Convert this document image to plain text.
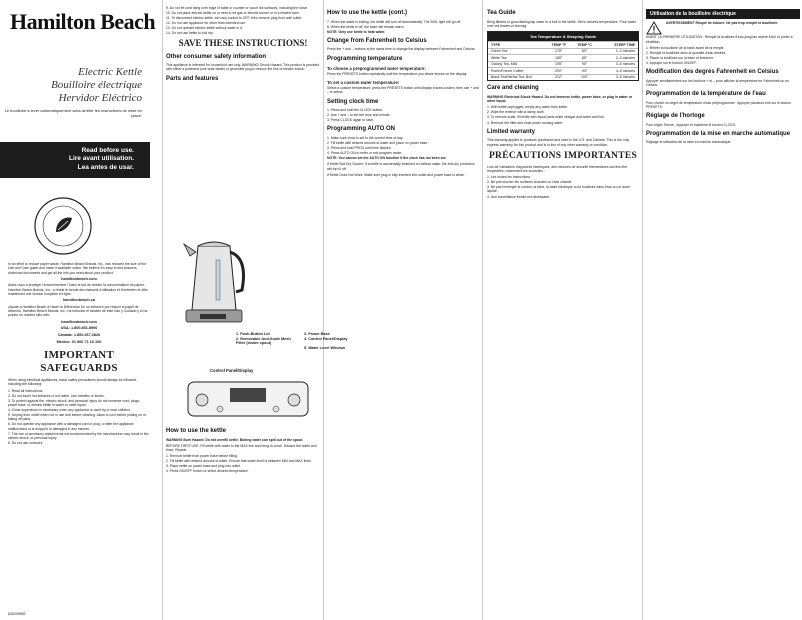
Hamilton Beach
Electric Kettle
Bouilloire électrique
Hervidor Eléctrico
Le bouilloire a lever automatiquement sans arrêter les instructions de mise en place.
Read before use.
Lire avant utilisation.
Lea antes de usar.
In an effort to reduce paper waste, Hamilton Beach Brands, Inc., has reduced the size of the Use and Care guide and made it available online. We believe it's easy to find answers, download documents and get all the info you need about your product.
hamiltonbeach.com
Aidez-nous à protéger l'environnement ! Dans le but de réduire la consommation de papier, Hamilton Beach Brands, Inc., a réduit le format des manuels d'utilisation et d'entretien et offre maintenant une version complète en ligne.
hamiltonbeach.ca
¡Ayude a Hamilton Beach a Hacer la Diferencia! En un esfuerzo por reducir el papel de desecho, Hamilton Beach Brands, Inc., ha reducido el tamaño de este Uso y Cuidado y lo ha puesto en nuestro sitio web.
hamiltonbeach.com
USA: 1.800.851.8900
Canada: 1.800.267.2826
México: 01 800 71 16 100
IMPORTANT SAFEGUARDS
When using electrical appliances, basic safety precautions should always be followed, including the following:
1. Read all instructions.
2. Do not touch hot surfaces or hot water. Use handles or knobs.
3. To protect against fire, electric shock, and personal injury do not immerse cord, plugs, power base, or electric kettle in water or other liquid.
4. Close supervision is necessary when any appliance is used by or near children.
5. Unplug from outlet when not in use and before cleaning. Allow to cool before putting on or taking off parts.
6. Do not operate any appliance with a damaged cord or plug, or after the appliance malfunctions or is dropped or damaged in any manner.
7. The use of accessory attachments not recommended by the manufacturer may result in fire, electric shock, or personal injury.
8. Do not use outdoors.
840209900
9. Do not let cord hang over edge of table or counter or touch hot surfaces, including the stove.
10. Do not place electric kettle on or near a hot gas or electric burner or in a heated oven.
11. To disconnect electric kettle, turn any control to OFF, then remove plug from wall outlet.
12. Do not use appliance for other than intended use.
13. Do not operate electric kettle without water in it.
14. Do not use kettle to boil dry.
SAVE THESE INSTRUCTIONS!
Other consumer safety information
This appliance is intended for household use only. WARNING! Shock Hazard: This product is provided with either a polarized (one wide blade) or grounded plug to reduce the risk of electric shock.
Parts and features
1. Push-Button Lid	3. Power Base
2. Removable Anti-Scale Mesh Filter (inside spout)
4. Control Panel/Display
5. Water Level Window
Control Panel/Display
How to use the kettle
WARNING Burn Hazard. Do not overfill kettle. Boiling water can spill out of the spout.
BEFORE FIRST USE: Fill kettle with water to the MAX line and bring to a boil. Discard the water and rinse. Repeat.
1. Remove kettle from power base before filling.
2. Fill kettle with desired amount of water. Ensure that water level is between MIN and MAX lines.
3. Place kettle on power base and plug into outlet.
4. Press ON/OFF button or select desired temperature.
How to use the kettle (cont.)
7. When the water is boiling, the kettle will turn off automatically. The BOIL light will go off.
8. When the kettle is off, the base will remain warm.
NOTE: Only use kettle to heat water.
Change from Fahrenheit to Celsius
Press the + and – buttons at the same time to change the display between Fahrenheit and Celsius.
Programming temperature
To choose a preprogrammed water temperature:
Press the PRESETS button repeatedly until the temperature you desire shows on the display.
To set a custom water temperature:
Select a custom temperature, press the PRESETS button until display shows custom, then use + and – to select.
Setting clock time
1. Press and hold the CLOCK button.
2. Use + and – to set the hour and minute.
3. Press CLOCK again to save.
Programming AUTO ON
1. Make sure clock is set to the current time of day.
2. Fill kettle with desired amount of water and place on power base.
3. Press and hold PROG until time flashes.
4. Press AUTO ON to enter or exit program mode.
NOTE: You cannot set the AUTO ON function if the clock has not been set.
If Kettle Boil Dry Occurs: If a kettle is accidentally switched on without water, the boil-dry protection will turn it off.
If Kettle Does Not Work: Make sure plug is fully inserted into outlet and power base is clean.
Tea Guide
Bring filtered or good-tasting tap water to a boil in the kettle. Set to desired temperature. Pour water over tea leaves or tea bag.
Tea Temperature & Steeping Guide
TYPE	TEMP °F	TEMP °C	STEEP TIME
Green Tea	175°	80°	1–3 minutes
White Tea	185°	85°	2–3 minutes
Oolong Tea, Mild	195°	90°	3–5 minutes
Puerh/French Coffee	200°	93°	4–5 minutes
Black Tea/Herbal Tea, Boil	212°	100°	3–5 minutes
Care and cleaning
WARNING Electrical Shock Hazard. Do not immerse kettle, power base, or plug in water or other liquid.
1. With kettle unplugged, empty any water from kettle.
2. Wipe the exterior with a damp cloth.
3. To remove scale, fill kettle with equal parts white vinegar and water and boil.
4. Remove the filter and rinse under running water.
Limited warranty
This warranty applies to products purchased and used in the U.S. and Canada. This is the only express warranty for this product and is in lieu of any other warranty or condition.
PRÉCAUTIONS IMPORTANTES
Lors de l'utilisation d'appareils électriques, des mesures de sécurité élémentaires doivent être respectées, notamment les suivantes :
1. Lire toutes les instructions.
2. Ne pas toucher les surfaces chaudes ou l'eau chaude.
3. Ne pas immerger le cordon, la fiche, la base électrique ou la bouilloire dans l'eau ou un autre liquide.
4. Une surveillance étroite est nécessaire.
Utilisation de la bouilloire électrique
AVERTISSEMENT Risque de brûlure. Ne pas trop remplir la bouilloire.
AVANT LA PREMIÈRE UTILISATION : Remplir la bouilloire d'eau jusqu'au repère MAX et porter à ébullition.
1. Retirer la bouilloire de la base avant de la remplir.
2. Remplir la bouilloire avec la quantité d'eau désirée.
3. Placer la bouilloire sur la base et brancher.
4. Appuyer sur le bouton ON/OFF.
Modification des degrés Fahrenheit en Celsius
Appuyer simultanément sur les boutons + et – pour afficher la température en Fahrenheit ou en Celsius.
Programmation de la température de l'eau
Pour choisir un degré de température d'eau préprogrammé : Appuyer plusieurs fois sur le bouton PRESETS.
Réglage de l'horloge
Pour régler l'heure : Appuyer et maintenir le bouton CLOCK.
Programmation de la mise en marche automatique
Réglage et utilisation de la mise en marche automatique.
